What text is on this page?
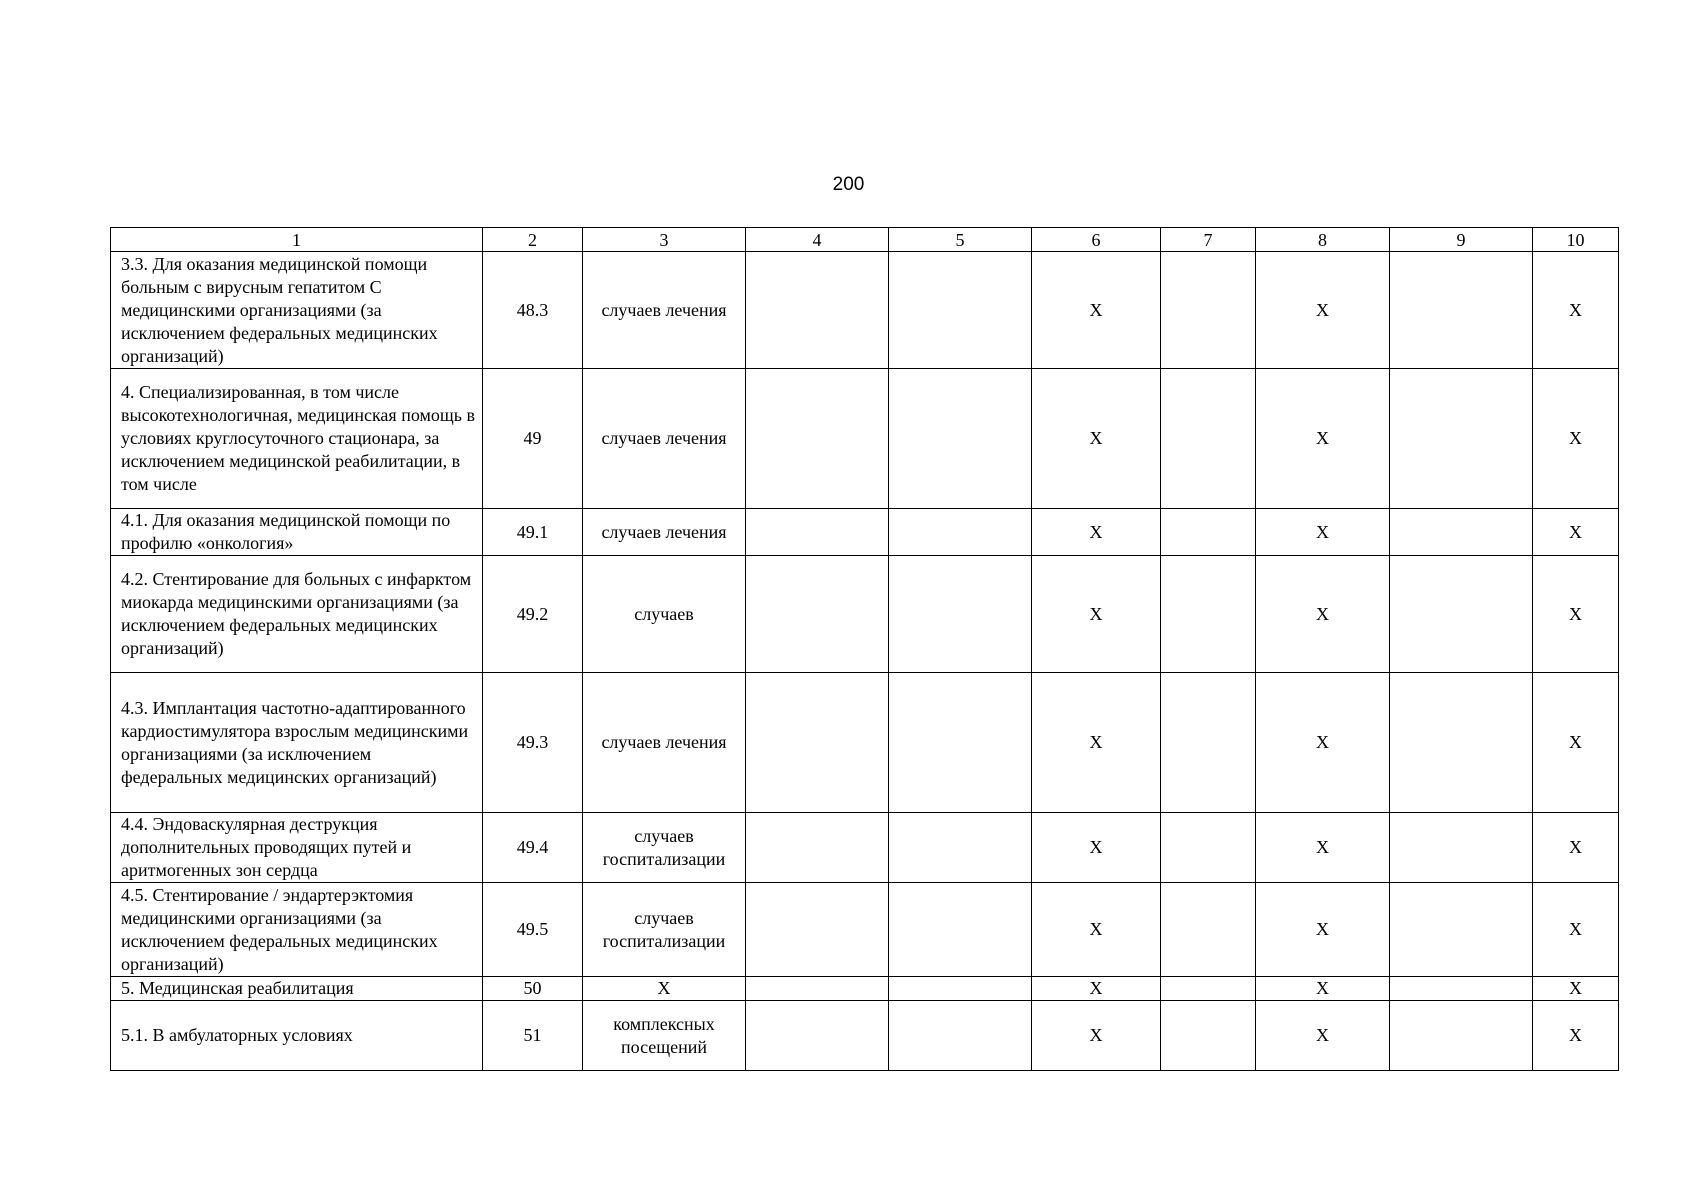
200
1	2	3	4	5	6	7	8	9	10
3.3. Для оказания медицинской помощи больным с вирусным гепатитом С медицинскими организациями (за исключением федеральных медицинских организаций)	48.3	случаев лечения			X		X		X
4. Специализированная, в том числе высокотехнологичная, медицинская помощь в условиях круглосуточного стационара, за исключением медицинской реабилитации, в том числе	49	случаев лечения			X		X		X
4.1. Для оказания медицинской помощи по профилю «онкология»	49.1	случаев лечения			X		X		X
4.2. Стентирование для больных с инфарктом миокарда медицинскими организациями (за исключением федеральных медицинских организаций)	49.2	случаев			X		X		X
4.3. Имплантация частотно-адаптированного кардиостимулятора взрослым медицинскими организациями (за исключением федеральных медицинских организаций)	49.3	случаев лечения			X		X		X
4.4. Эндоваскулярная деструкция дополнительных проводящих путей и аритмогенных зон сердца	49.4	случаев госпитализации			X		X		X
4.5. Стентирование / эндартерэктомия медицинскими организациями (за исключением федеральных медицинских организаций)	49.5	случаев госпитализации			X		X		X
5. Медицинская реабилитация	50	X			X		X		X
5.1. В амбулаторных условиях	51	комплексных посещений			X		X		X
